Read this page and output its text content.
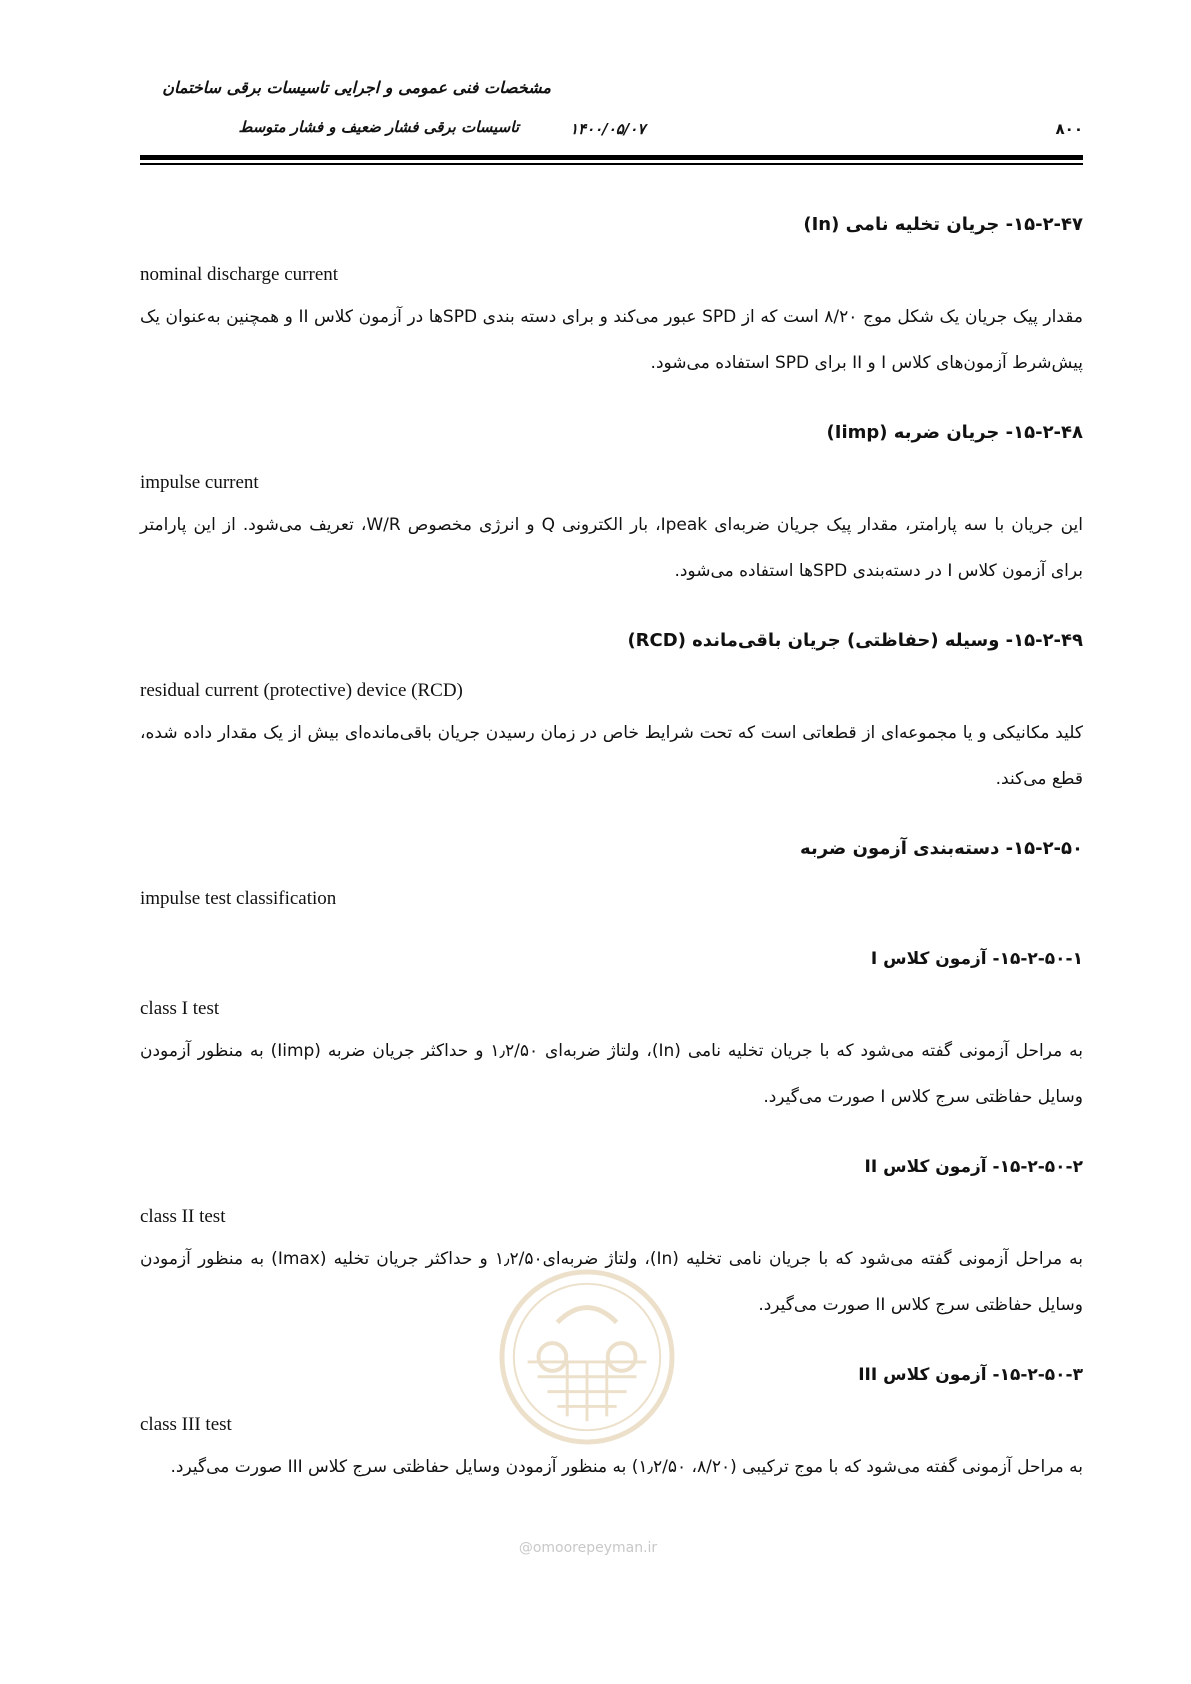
مشخصات فنی عمومی و اجرایی تاسیسات برقی ساختمان
تاسیسات برقی فشار ضعیف و فشار متوسط	۱۴۰۰/۰۵/۰۷	۸۰۰
۱۵-۲-۴۷- جریان تخلیه نامی (In)
nominal discharge current
مقدار پیک جریان یک شکل موج ۸/۲۰ است که از SPD عبور می‌کند و برای دسته بندی SPDها در آزمون کلاس II و همچنین به‌عنوان یک پیش‌شرط آزمون‌های کلاس I و II برای SPD استفاده می‌شود.
۱۵-۲-۴۸- جریان ضربه (Iimp)
impulse current
این جریان با سه پارامتر، مقدار پیک جریان ضربه‌ای Ipeak، بار الکترونی Q و انرژی مخصوص W/R، تعریف می‌شود. از این پارامتر برای آزمون کلاس I در دسته‌بندی SPDها استفاده می‌شود.
۱۵-۲-۴۹- وسیله (حفاظتی) جریان باقی‌مانده (RCD)
residual current (protective) device (RCD)
کلید مکانیکی و یا مجموعه‌ای از قطعاتی است که تحت شرایط خاص در زمان رسیدن جریان باقی‌مانده‌ای بیش از یک مقدار داده شده، قطع می‌کند.
۱۵-۲-۵۰- دسته‌بندی آزمون ضربه
impulse test classification
۱۵-۲-۵۰-۱- آزمون کلاس I
class I test
به مراحل آزمونی گفته می‌شود که با جریان تخلیه نامی (In)، ولتاژ ضربه‌ای ۱٫۲/۵۰ و حداکثر جریان ضربه (Iimp) به منظور آزمودن وسایل حفاظتی سرج کلاس I صورت می‌گیرد.
۱۵-۲-۵۰-۲- آزمون کلاس II
class II test
به مراحل آزمونی گفته می‌شود که با جریان نامی تخلیه (In)، ولتاژ ضربه‌ای۱٫۲/۵۰ و حداکثر جریان تخلیه (Imax) به منظور آزمودن وسایل حفاظتی سرج کلاس II صورت می‌گیرد.
۱۵-۲-۵۰-۳- آزمون کلاس III
class III test
به مراحل آزمونی گفته می‌شود که با موج ترکیبی (۸/۲۰، ۱٫۲/۵۰) به منظور آزمودن وسایل حفاظتی سرج کلاس III صورت می‌گیرد.
@omoorepeyman.ir
